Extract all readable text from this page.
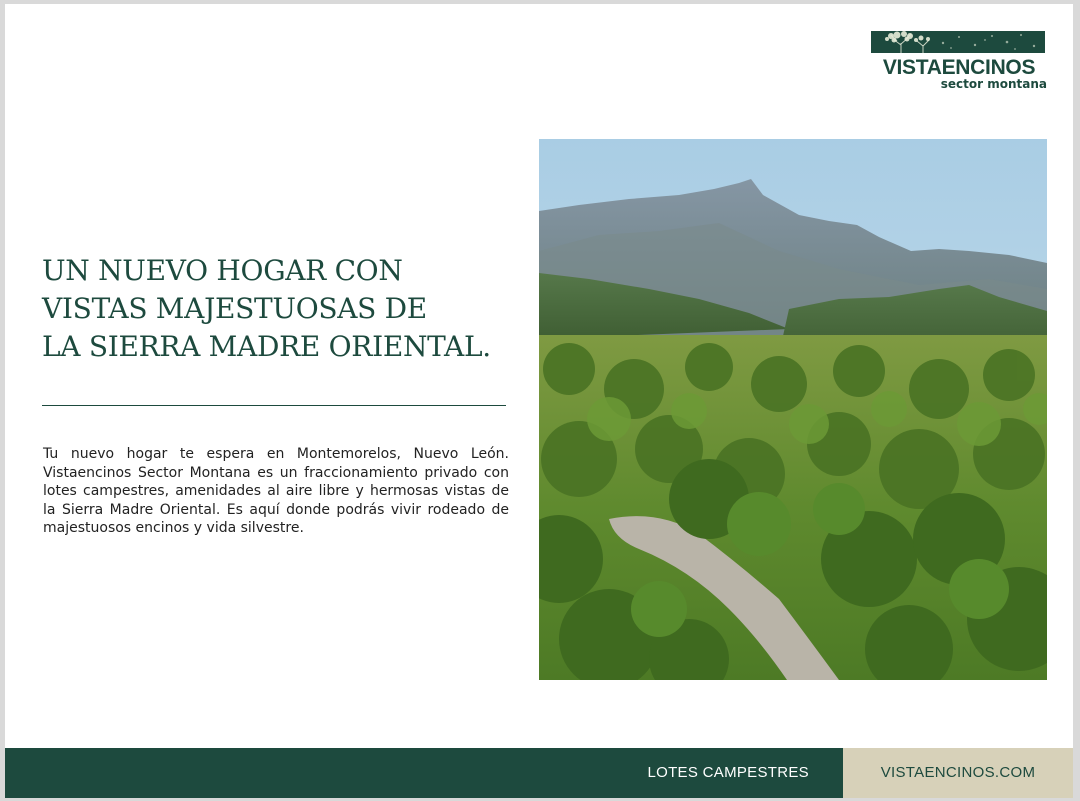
VISTAENCINOS
sector montana
UN NUEVO HOGAR CON
VISTAS MAJESTUOSAS DE
LA SIERRA MADRE ORIENTAL.

Tu nuevo hogar te espera en Montemorelos, Nuevo León. Vistaencinos Sector Montana es un fraccionamiento privado con lotes campestres, amenidades al aire libre y hermosas vistas de la Sierra Madre Oriental. Es aquí donde podrás vivir rodeado de majestuosos encinos y vida silvestre.

LOTES CAMPESTRES	VISTAENCINOS.COM
